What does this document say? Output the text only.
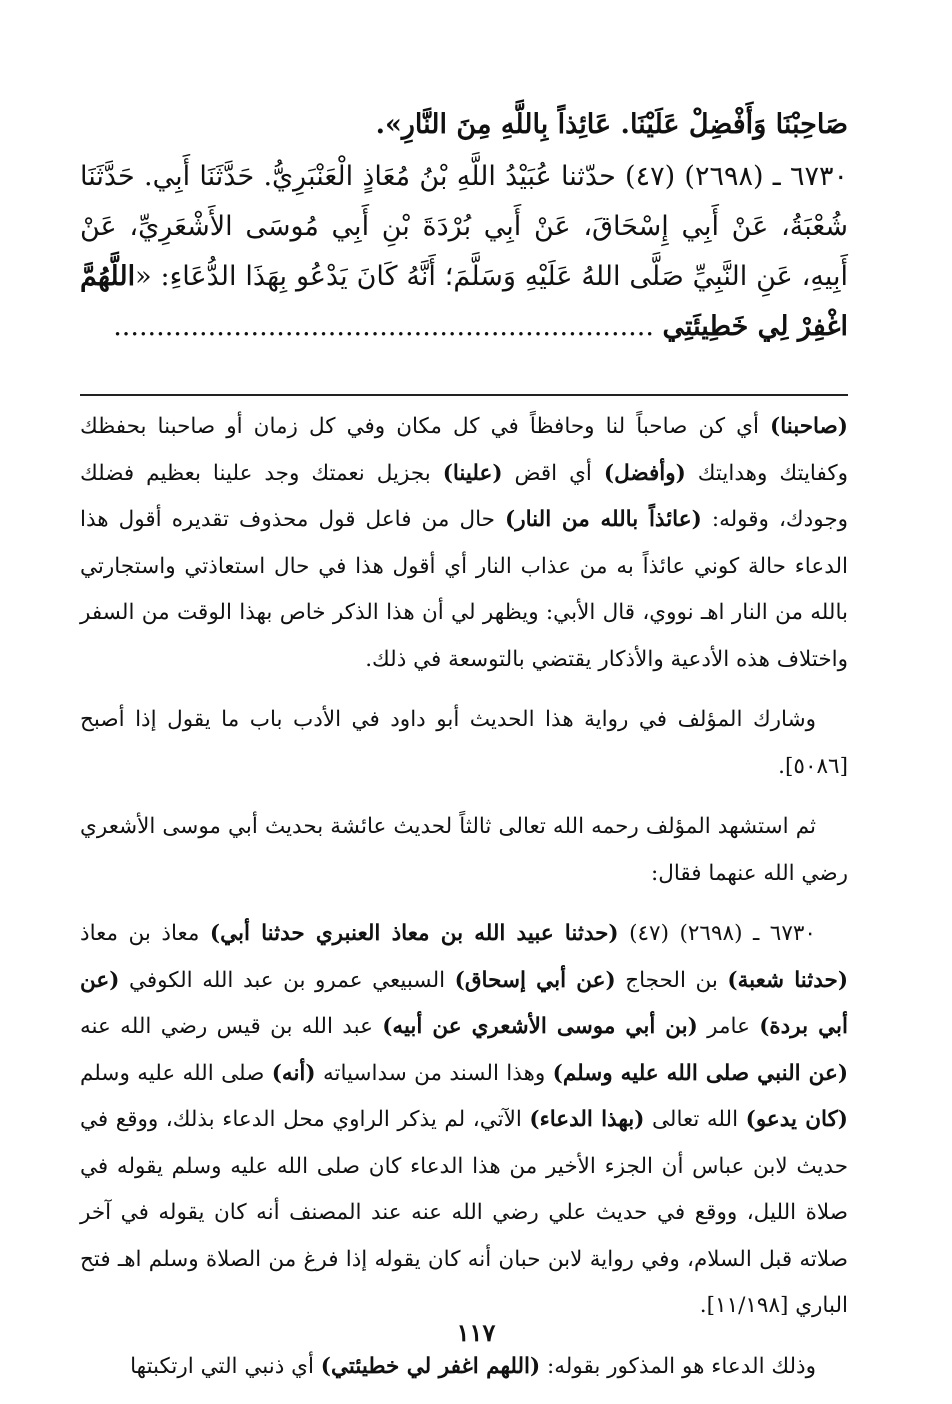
صَاحِبْنَا وَأَفْضِلْ عَلَيْنَا. عَائِذاً بِاللَّهِ مِنَ النَّارِ».

٦٧٣٠ ـ (٢٦٩٨) (٤٧) حدّثنا عُبَيْدُ اللَّهِ بْنُ مُعَاذٍ الْعَنْبَرِيُّ. حَدَّثَنَا أَبِي. حَدَّثَنَا شُعْبَةُ، عَنْ أَبِي إِسْحَاقَ، عَنْ أَبِي بُرْدَةَ بْنِ أَبِي مُوسَى الأَشْعَرِيِّ، عَنْ أَبِيهِ، عَنِ النَّبِيِّ صَلَّى اللهُ عَلَيْهِ وَسَلَّمَ؛ أَنَّهُ كَانَ يَدْعُو بِهَذَا الدُّعَاءِ: «اللَّهُمَّ اغْفِرْ لِي خَطِيئَتِي ...............................................................

(صاحبنا) أي كن صاحباً لنا وحافظاً في كل مكان وفي كل زمان أو صاحبنا بحفظك وكفايتك وهدايتك (وأفضل) أي اقض (علينا) بجزيل نعمتك وجد علينا بعظيم فضلك وجودك، وقوله: (عائذاً بالله من النار) حال من فاعل قول محذوف تقديره أقول هذا الدعاء حالة كوني عائذاً به من عذاب النار أي أقول هذا في حال استعاذتي واستجارتي بالله من النار اهـ نووي، قال الأبي: ويظهر لي أن هذا الذكر خاص بهذا الوقت من السفر واختلاف هذه الأدعية والأذكار يقتضي بالتوسعة في ذلك.

وشارك المؤلف في رواية هذا الحديث أبو داود في الأدب باب ما يقول إذا أصبح [٥٠٨٦].

ثم استشهد المؤلف رحمه الله تعالى ثالثاً لحديث عائشة بحديث أبي موسى الأشعري رضي الله عنهما فقال:

٦٧٣٠ ـ (٢٦٩٨) (٤٧) (حدثنا عبيد الله بن معاذ العنبري حدثنا أبي) معاذ بن معاذ (حدثنا شعبة) بن الحجاج (عن أبي إسحاق) السبيعي عمرو بن عبد الله الكوفي (عن أبي بردة) عامر (بن أبي موسى الأشعري عن أبيه) عبد الله بن قيس رضي الله عنه (عن النبي صلى الله عليه وسلم) وهذا السند من سداسياته (أنه) صلى الله عليه وسلم (كان يدعو) الله تعالى (بهذا الدعاء) الآتي، لم يذكر الراوي محل الدعاء بذلك، ووقع في حديث لابن عباس أن الجزء الأخير من هذا الدعاء كان صلى الله عليه وسلم يقوله في صلاة الليل، ووقع في حديث علي رضي الله عنه عند المصنف أنه كان يقوله في آخر صلاته قبل السلام، وفي رواية لابن حبان أنه كان يقوله إذا فرغ من الصلاة وسلم اهـ فتح الباري [١١/١٩٨].

وذلك الدعاء هو المذكور بقوله: (اللهم اغفر لي خطيئتي) أي ذنبي التي ارتكبتها

١١٧
